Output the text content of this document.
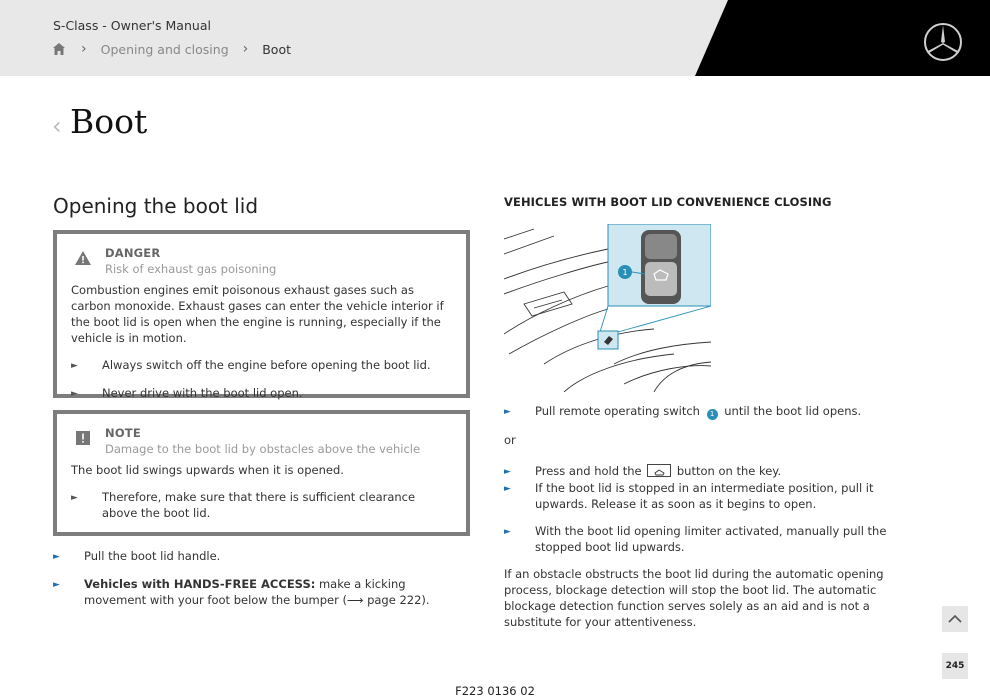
S-Class - Owner's Manual
› Opening and closing › Boot
‹ Boot
Opening the boot lid
DANGER
Risk of exhaust gas poisoning

Combustion engines emit poisonous exhaust gases such as carbon monoxide. Exhaust gases can enter the vehicle interior if the boot lid is open when the engine is running, especially if the vehicle is in motion.

►	Always switch off the engine before opening the boot lid.
►	Never drive with the boot lid open.
NOTE
Damage to the boot lid by obstacles above the vehicle

The boot lid swings upwards when it is opened.

►	Therefore, make sure that there is sufficient clearance above the boot lid.
►	Pull the boot lid handle.
►	Vehicles with HANDS-FREE ACCESS: make a kicking movement with your foot below the bumper (⟶ page 222).
VEHICLES WITH BOOT LID CONVENIENCE CLOSING
1
►	Pull remote operating switch 1 until the boot lid opens.
or
►	Press and hold the  button on the key.
►	If the boot lid is stopped in an intermediate position, pull it upwards. Release it as soon as it begins to open.
►	With the boot lid opening limiter activated, manually pull the stopped boot lid upwards.
If an obstacle obstructs the boot lid during the automatic opening process, blockage detection will stop the boot lid. The automatic blockage detection function serves solely as an aid and is not a substitute for your attentiveness.
245
F223 0136 02
